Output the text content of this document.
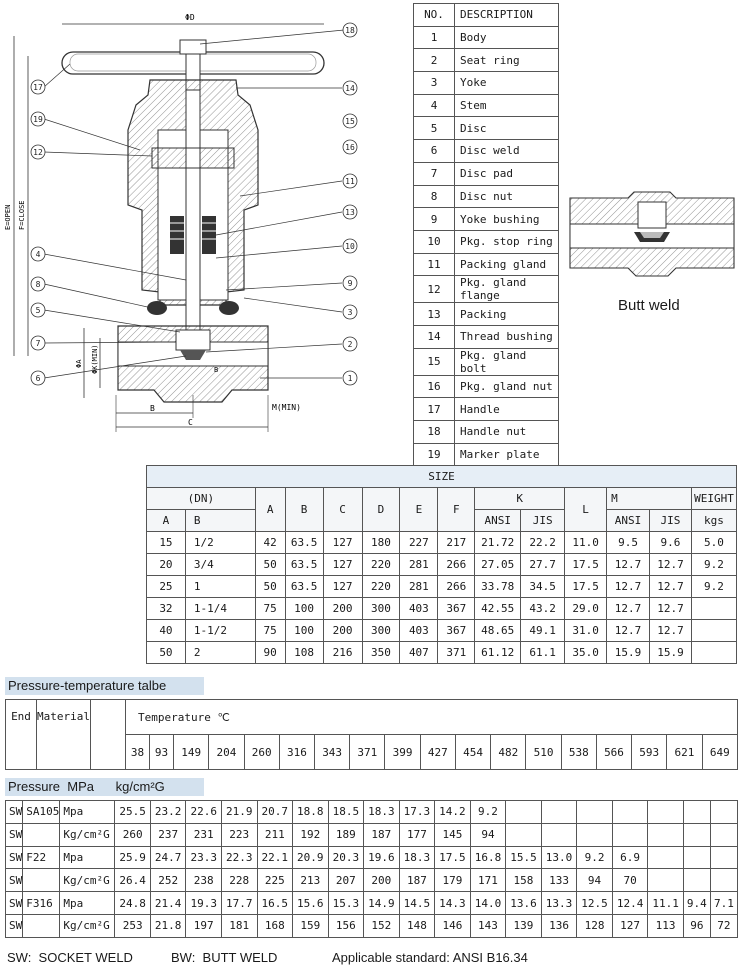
ΦD
E=OPEN F=CLOSE
ΦA ΦK(MIN)
B
C
M(MIN)
B
18
14
15
16
11
13
10
9
3
2
1
17
19
12
4
8
5
7
6
NO.	DESCRIPTION
1	Body
2	Seat ring
3	Yoke
4	Stem
5	Disc
6	Disc weld
7	Disc pad
8	Disc nut
9	Yoke bushing
10	Pkg. stop ring
11	Packing gland
12	Pkg. gland flange
13	Packing
14	Thread bushing
15	Pkg. gland bolt
16	Pkg. gland nut
17	Handle
18	Handle nut
19	Marker plate
Butt weld
SIZE													
(DN)		A	B	C	D	E	F	K		L	M		WEIGHT
A	B							ANSI	JIS		ANSI	JIS	kgs
15	1/2	42	63.5	127	180	227	217	21.72	22.2	11.0	9.5	9.6	5.0
20	3/4	50	63.5	127	220	281	266	27.05	27.7	17.5	12.7	12.7	9.2
25	1	50	63.5	127	220	281	266	33.78	34.5	17.5	12.7	12.7	9.2
32	1-1/4	75	100	200	300	403	367	42.55	43.2	29.0	12.7	12.7	
40	1-1/2	75	100	200	300	403	367	48.65	49.1	31.0	12.7	12.7	
50	2	90	108	216	350	407	371	61.12	61.1	35.0	15.9	15.9	
Pressure-temperature talbe
End	Material		Temperature ℃																	
			38	93	149	204	260	316	343	371	399	427	454	482	510	538	566	593	621	649
Pressure  MPa      kg/cm²G
SW	SA105	Mpa	25.5	23.2	22.6	21.9	20.7	18.8	18.5	18.3	17.3	14.2	9.2							
SW		Kg/cm²G	260	237	231	223	211	192	189	187	177	145	94							
SW	F22	Mpa	25.9	24.7	23.3	22.3	22.1	20.9	20.3	19.6	18.3	17.5	16.8	15.5	13.0	9.2	6.9			
SW		Kg/cm²G	26.4	252	238	228	225	213	207	200	187	179	171	158	133	94	70			
SW	F316	Mpa	24.8	21.4	19.3	17.7	16.5	15.6	15.3	14.9	14.5	14.3	14.0	13.6	13.3	12.5	12.4	11.1	9.4	7.1
SW		Kg/cm²G	253	21.8	197	181	168	159	156	152	148	146	143	139	136	128	127	113	96	72
SW:  SOCKET WELD	BW:  BUTT WELD	Applicable standard: ANSI B16.34
